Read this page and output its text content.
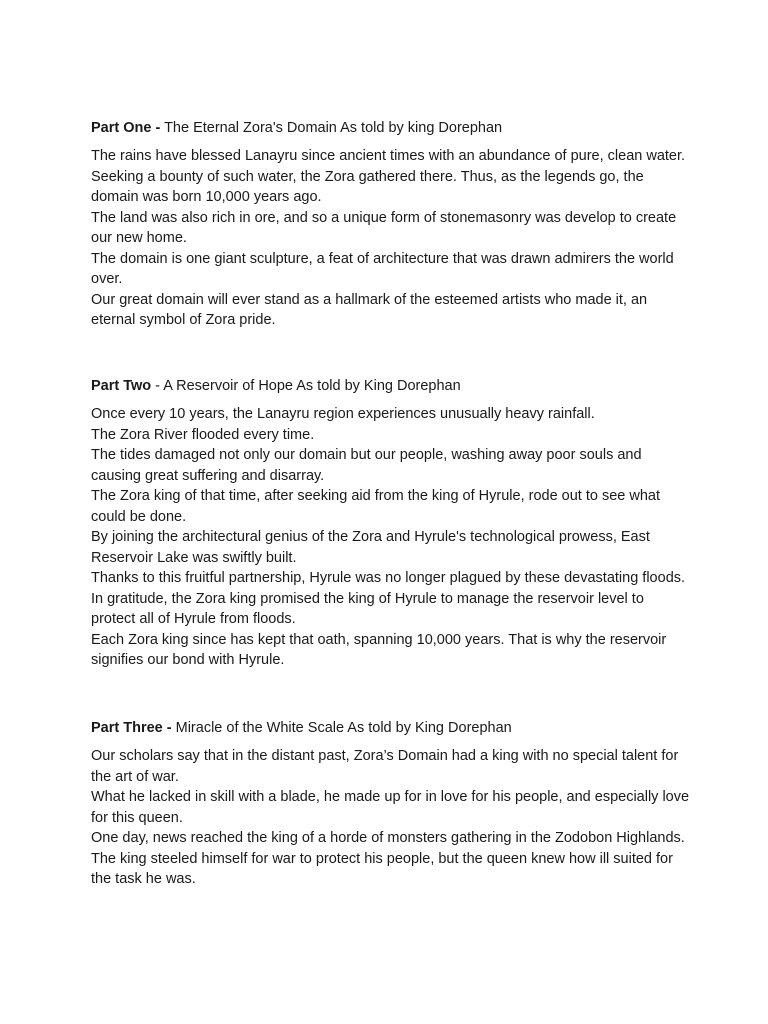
Part One - The Eternal Zora's Domain As told by king Dorephan

The rains have blessed Lanayru since ancient times with an abundance of pure, clean water.

Seeking a bounty of such water, the Zora gathered there. Thus, as the legends go, the domain was born 10,000 years ago.

The land was also rich in ore, and so a unique form of stonemasonry was develop to create our new home.

The domain is one giant sculpture, a feat of architecture that was drawn admirers the world over.

Our great domain will ever stand as a hallmark of the esteemed artists who made it, an eternal symbol of Zora pride.

Part Two - A Reservoir of Hope As told by King Dorephan

Once every 10 years, the Lanayru region experiences unusually heavy rainfall.

The Zora River flooded every time.

The tides damaged not only our domain but our people, washing away poor souls and causing great suffering and disarray.

The Zora king of that time, after seeking aid from the king of Hyrule, rode out to see what could be done.

By joining the architectural genius of the Zora and Hyrule's technological prowess, East Reservoir Lake was swiftly built.

Thanks to this fruitful partnership, Hyrule was no longer plagued by these devastating floods.

In gratitude, the Zora king promised the king of Hyrule to manage the reservoir level to protect all of Hyrule from floods.

Each Zora king since has kept that oath, spanning 10,000 years. That is why the reservoir signifies our bond with Hyrule.

Part Three - Miracle of the White Scale As told by King Dorephan

Our scholars say that in the distant past, Zora’s Domain had a king with no special talent for the art of war.

What he lacked in skill with a blade, he made up for in love for his people, and especially love for this queen.

One day, news reached the king of a horde of monsters gathering in the Zodobon Highlands.

The king steeled himself for war to protect his people, but the queen knew how ill suited for the task he was.
